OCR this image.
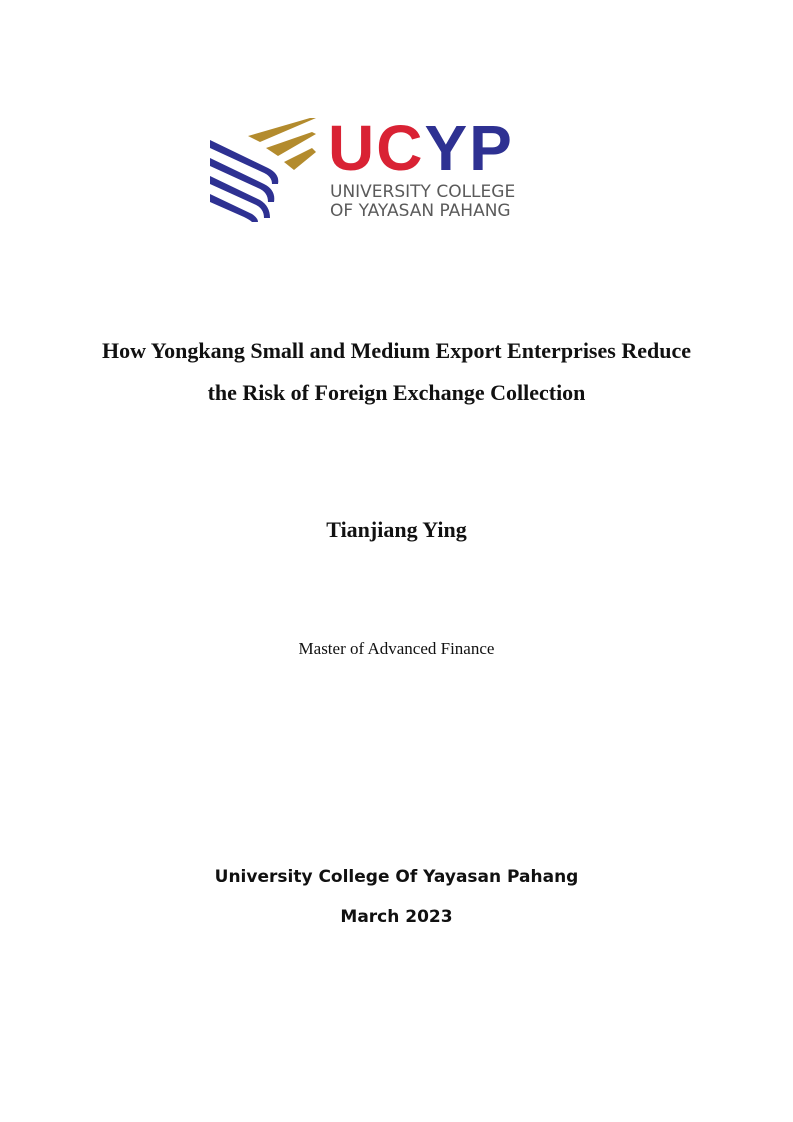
UCYP
UNIVERSITY COLLEGE
OF YAYASAN PAHANG
How Yongkang Small and Medium Export Enterprises Reduce
the Risk of Foreign Exchange Collection
Tianjiang Ying
Master of Advanced Finance
University College Of Yayasan Pahang
March 2023
